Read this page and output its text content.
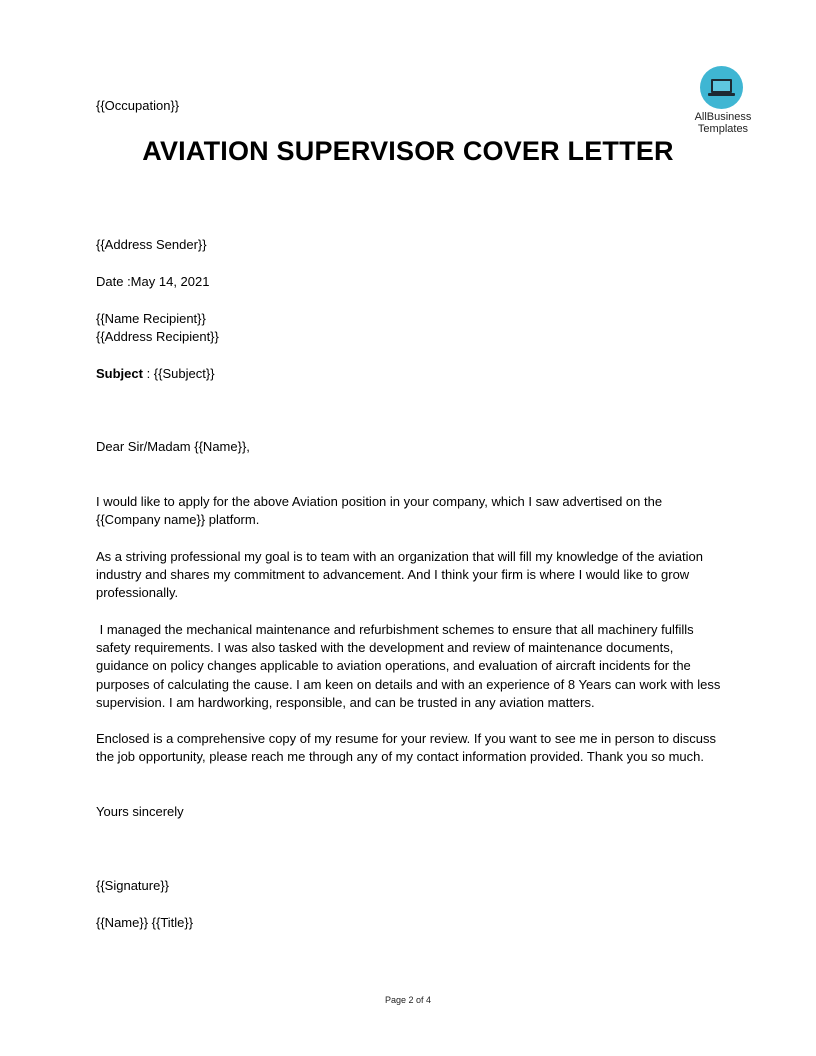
{{Occupation}}
AllBusiness
Templates
AVIATION SUPERVISOR COVER LETTER
{{Address Sender}}
Date :May 14, 2021
{{Name Recipient}}
{{Address Recipient}}
Subject : {{Subject}}
Dear Sir/Madam {{Name}},
I would like to apply for the above Aviation position in your company, which I saw advertised on the {{Company name}} platform.
As a striving professional my goal is to team with an organization that will fill my knowledge of the aviation industry and shares my commitment to advancement. And I think your firm is where I would like to grow professionally.
I managed the mechanical maintenance and refurbishment schemes to ensure that all machinery fulfills safety requirements. I was also tasked with the development and review of maintenance documents, guidance on policy changes applicable to aviation operations, and evaluation of aircraft incidents for the purposes of calculating the cause. I am keen on details and with an experience of 8 Years can work with less supervision. I am hardworking, responsible, and can be trusted in any aviation matters.
Enclosed is a comprehensive copy of my resume for your review. If you want to see me in person to discuss the job opportunity, please reach me through any of my contact information provided. Thank you so much.
Yours sincerely
{{Signature}}
{{Name}} {{Title}}
Page 2 of 4
